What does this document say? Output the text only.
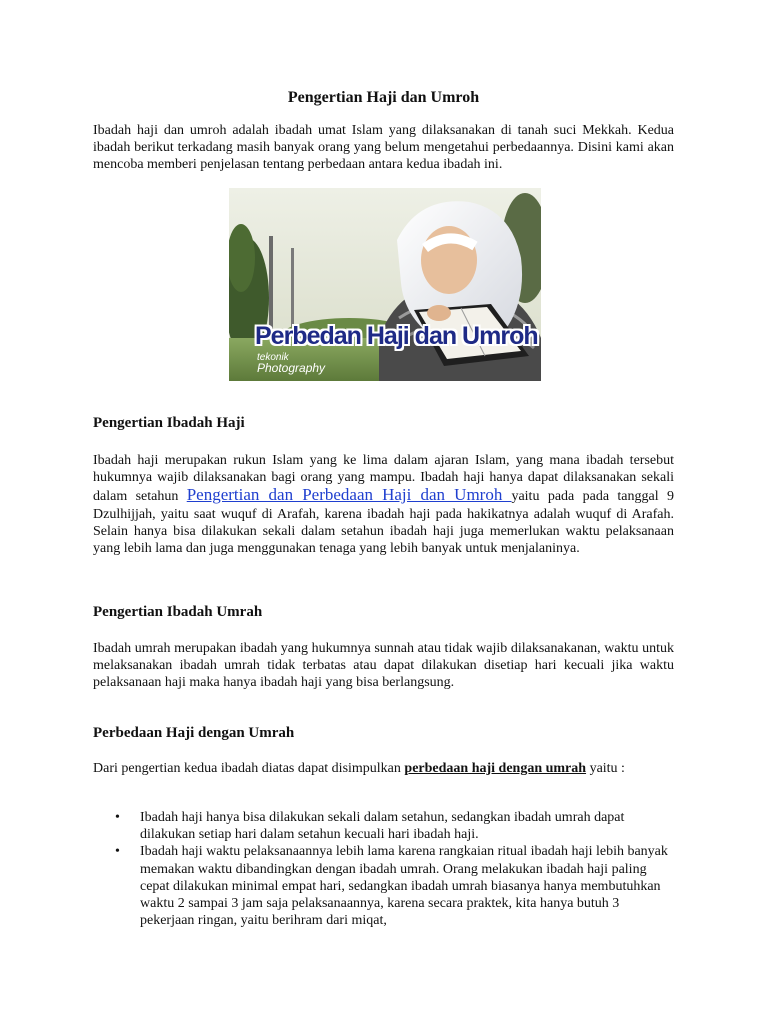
Pengertian Haji dan Umroh

Ibadah haji dan umroh adalah ibadah umat Islam yang dilaksanakan di tanah suci Mekkah. Kedua ibadah berikut terkadang masih banyak orang yang belum mengetahui perbedaannya. Disini kami akan mencoba memberi penjelasan tentang perbedaan antara kedua ibadah ini.

Perbedan Haji dan Umroh
tekonik
Photography
Pengertian Ibadah Haji

Ibadah haji merupakan rukun Islam yang ke lima dalam ajaran Islam, yang mana ibadah tersebut hukumnya wajib dilaksanakan bagi orang yang mampu. Ibadah haji hanya dapat dilaksanakan sekali dalam setahun Pengertian dan Perbedaan Haji dan Umroh yaitu pada pada tanggal 9 Dzulhijjah, yaitu saat wuquf di Arafah, karena ibadah haji pada hakikatnya adalah wuquf di Arafah. Selain hanya bisa dilakukan sekali dalam setahun ibadah haji juga memerlukan waktu pelaksanaan yang lebih lama dan juga menggunakan tenaga yang lebih banyak untuk menjalaninya.

Pengertian Ibadah Umrah

Ibadah umrah merupakan ibadah yang hukumnya sunnah atau tidak wajib dilaksanakanan, waktu untuk melaksanakan ibadah umrah tidak terbatas atau dapat dilakukan disetiap hari kecuali jika waktu pelaksanaan haji maka hanya ibadah haji yang bisa berlangsung.

Perbedaan Haji dengan Umrah

Dari pengertian kedua ibadah diatas dapat disimpulkan perbedaan haji dengan umrah yaitu :

• Ibadah haji hanya bisa dilakukan sekali dalam setahun, sedangkan ibadah umrah dapat dilakukan setiap hari dalam setahun kecuali hari ibadah haji.
• Ibadah haji waktu pelaksanaannya lebih lama karena rangkaian ritual ibadah haji lebih banyak memakan waktu dibandingkan dengan ibadah umrah. Orang melakukan ibadah haji paling cepat dilakukan minimal empat hari, sedangkan ibadah umrah biasanya hanya membutuhkan waktu 2 sampai 3 jam saja pelaksanaannya, karena secara praktek, kita hanya butuh 3 pekerjaan ringan, yaitu berihram dari miqat,
